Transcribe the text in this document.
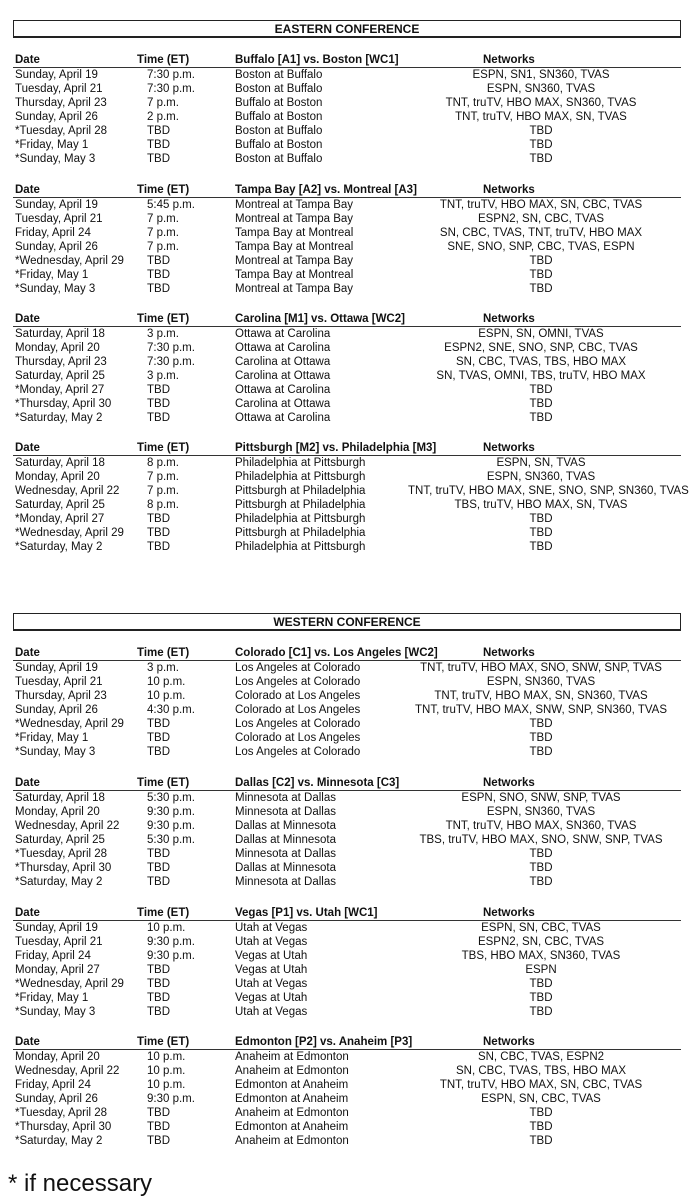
EASTERN CONFERENCE
Date	Time (ET)	Buffalo [A1] vs. Boston [WC1]	Networks
Sunday, April 19	7:30 p.m.	Boston at Buffalo	ESPN, SN1, SN360, TVAS
Tuesday, April 21	7:30 p.m.	Boston at Buffalo	ESPN, SN360, TVAS
Thursday, April 23	7 p.m.	Buffalo at Boston	TNT, truTV, HBO MAX, SN360, TVAS
Sunday, April 26	2 p.m.	Buffalo at Boston	TNT, truTV, HBO MAX, SN, TVAS
*Tuesday, April 28	TBD	Boston at Buffalo	TBD
*Friday, May 1	TBD	Buffalo at Boston	TBD
*Sunday, May 3	TBD	Boston at Buffalo	TBD
Date	Time (ET)	Tampa Bay [A2] vs. Montreal [A3]	Networks
Sunday, April 19	5:45 p.m.	Montreal at Tampa Bay	TNT, truTV, HBO MAX, SN, CBC, TVAS
Tuesday, April 21	7 p.m.	Montreal at Tampa Bay	ESPN2, SN, CBC, TVAS
Friday, April 24	7 p.m.	Tampa Bay at Montreal	SN, CBC, TVAS, TNT, truTV, HBO MAX
Sunday, April 26	7 p.m.	Tampa Bay at Montreal	SNE, SNO, SNP, CBC, TVAS, ESPN
*Wednesday, April 29 TBD	Montreal at Tampa Bay	TBD
*Friday, May 1	TBD	Tampa Bay at Montreal	TBD
*Sunday, May 3	TBD	Montreal at Tampa Bay	TBD
Date	Time (ET)	Carolina [M1] vs. Ottawa [WC2]	Networks
Saturday, April 18	3 p.m.	Ottawa at Carolina	ESPN, SN, OMNI, TVAS
Monday, April 20	7:30 p.m.	Ottawa at Carolina	ESPN2, SNE, SNO, SNP, CBC, TVAS
Thursday, April 23	7:30 p.m.	Carolina at Ottawa	SN, CBC, TVAS, TBS, HBO MAX
Saturday, April 25	3 p.m.	Carolina at Ottawa	SN, TVAS, OMNI, TBS, truTV, HBO MAX
*Monday, April 27	TBD	Ottawa at Carolina	TBD
*Thursday, April 30	TBD	Carolina at Ottawa	TBD
*Saturday, May 2	TBD	Ottawa at Carolina	TBD
Date	Time (ET)	Pittsburgh [M2] vs. Philadelphia [M3]	Networks
Saturday, April 18	8 p.m.	Philadelphia at Pittsburgh	ESPN, SN, TVAS
Monday, April 20	7 p.m.	Philadelphia at Pittsburgh	ESPN, SN360, TVAS
Wednesday, April 22 7 p.m.	Pittsburgh at Philadelphia	TNT, truTV, HBO MAX, SNE, SNO, SNP, SN360, TVAS
Saturday, April 25	8 p.m.	Pittsburgh at Philadelphia	TBS, truTV, HBO MAX, SN, TVAS
*Monday, April 27	TBD	Philadelphia at Pittsburgh	TBD
*Wednesday, April 29 TBD	Pittsburgh at Philadelphia	TBD
*Saturday, May 2	TBD	Philadelphia at Pittsburgh	TBD
WESTERN CONFERENCE
Date	Time (ET)	Colorado [C1] vs. Los Angeles [WC2]	Networks
Sunday, April 19	3 p.m.	Los Angeles at Colorado	TNT, truTV, HBO MAX, SNO, SNW, SNP, TVAS
Tuesday, April 21	10 p.m.	Los Angeles at Colorado	ESPN, SN360, TVAS
Thursday, April 23	10 p.m.	Colorado at Los Angeles	TNT, truTV, HBO MAX, SN, SN360, TVAS
Sunday, April 26	4:30 p.m.	Colorado at Los Angeles	TNT, truTV, HBO MAX, SNW, SNP, SN360, TVAS
*Wednesday, April 29 TBD	Los Angeles at Colorado	TBD
*Friday, May 1	TBD	Colorado at Los Angeles	TBD
*Sunday, May 3	TBD	Los Angeles at Colorado	TBD
Date	Time (ET)	Dallas [C2] vs. Minnesota [C3]	Networks
Saturday, April 18	5:30 p.m.	Minnesota at Dallas	ESPN, SNO, SNW, SNP, TVAS
Monday, April 20	9:30 p.m.	Minnesota at Dallas	ESPN, SN360, TVAS
Wednesday, April 22 9:30 p.m.	Dallas at Minnesota	TNT, truTV, HBO MAX, SN360, TVAS
Saturday, April 25	5:30 p.m.	Dallas at Minnesota	TBS, truTV, HBO MAX, SNO, SNW, SNP, TVAS
*Tuesday, April 28	TBD	Minnesota at Dallas	TBD
*Thursday, April 30	TBD	Dallas at Minnesota	TBD
*Saturday, May 2	TBD	Minnesota at Dallas	TBD
Date	Time (ET)	Vegas [P1] vs. Utah [WC1]	Networks
Sunday, April 19	10 p.m.	Utah at Vegas	ESPN, SN, CBC, TVAS
Tuesday, April 21	9:30 p.m.	Utah at Vegas	ESPN2, SN, CBC, TVAS
Friday, April 24	9:30 p.m.	Vegas at Utah	TBS, HBO MAX, SN360, TVAS
Monday, April 27	TBD	Vegas at Utah	ESPN
*Wednesday, April 29 TBD	Utah at Vegas	TBD
*Friday, May 1	TBD	Vegas at Utah	TBD
*Sunday, May 3	TBD	Utah at Vegas	TBD
Date	Time (ET)	Edmonton [P2] vs. Anaheim [P3]	Networks
Monday, April 20	10 p.m.	Anaheim at Edmonton	SN, CBC, TVAS, ESPN2
Wednesday, April 22 10 p.m.	Anaheim at Edmonton	SN, CBC, TVAS, TBS, HBO MAX
Friday, April 24	10 p.m.	Edmonton at Anaheim	TNT, truTV, HBO MAX, SN, CBC, TVAS
Sunday, April 26	9:30 p.m.	Edmonton at Anaheim	ESPN, SN, CBC, TVAS
*Tuesday, April 28	TBD	Anaheim at Edmonton	TBD
*Thursday, April 30	TBD	Edmonton at Anaheim	TBD
*Saturday, May 2	TBD	Anaheim at Edmonton	TBD
* if necessary
